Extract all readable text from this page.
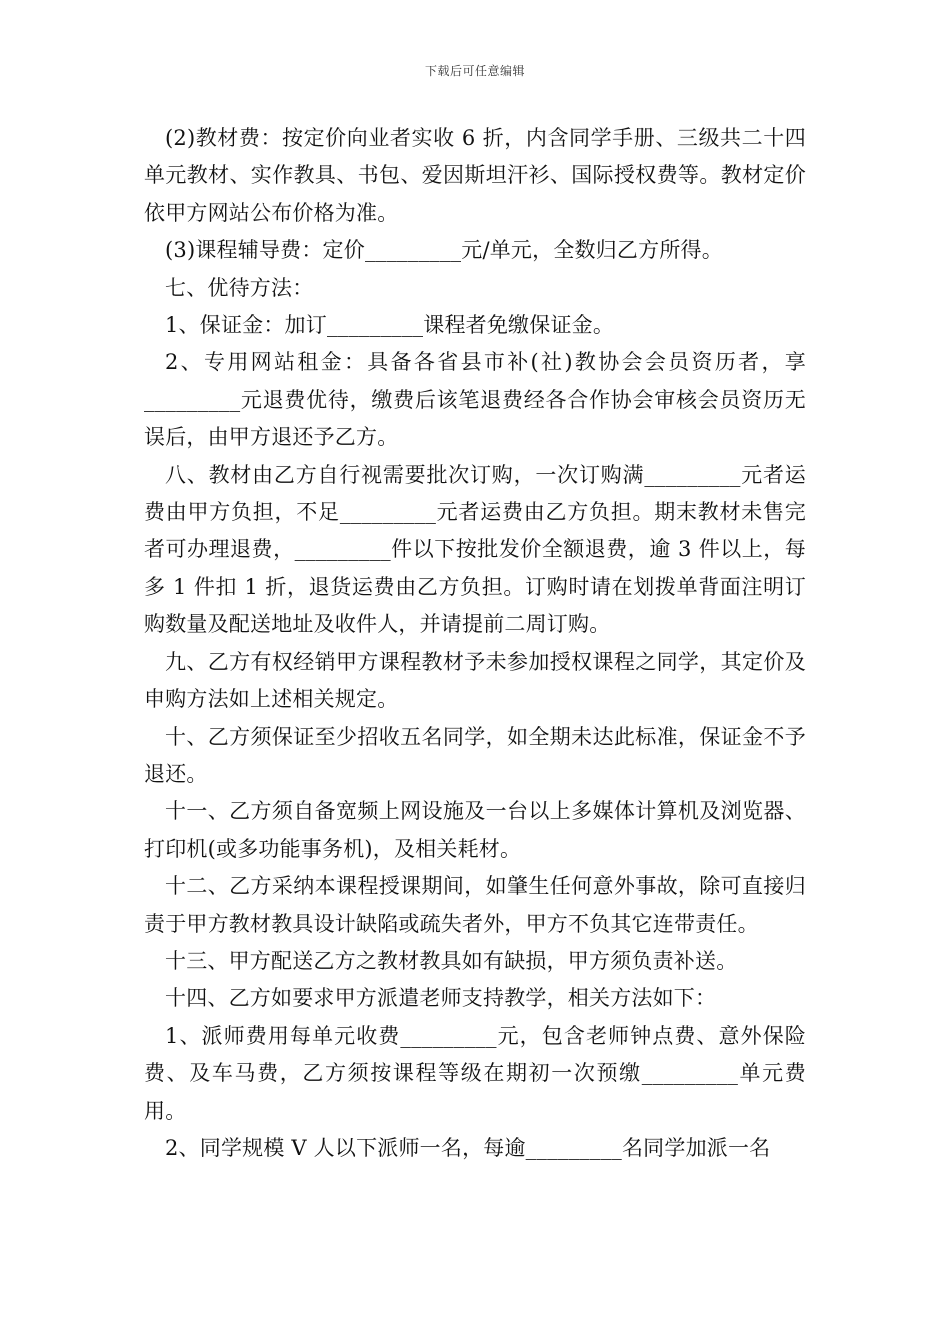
下载后可任意编辑

(2)教材费：按定价向业者实收 6 折，内含同学手册、三级共二十四单元教材、实作教具、书包、爱因斯坦汗衫、国际授权费等。教材定价依甲方网站公布价格为准。

(3)课程辅导费：定价_________元/单元，全数归乙方所得。

七、优待方法：

1、保证金：加订_________课程者免缴保证金。

2、专用网站租金：具备各省县市补(社)教协会会员资历者，享_________元退费优待，缴费后该笔退费经各合作协会审核会员资历无误后，由甲方退还予乙方。

八、教材由乙方自行视需要批次订购，一次订购满_________元者运费由甲方负担，不足_________元者运费由乙方负担。期末教材未售完者可办理退费，_________件以下按批发价全额退费，逾 3 件以上，每多 1 件扣 1 折，退货运费由乙方负担。订购时请在划拨单背面注明订购数量及配送地址及收件人，并请提前二周订购。

九、乙方有权经销甲方课程教材予未参加授权课程之同学，其定价及申购方法如上述相关规定。

十、乙方须保证至少招收五名同学，如全期未达此标准，保证金不予退还。

十一、乙方须自备宽频上网设施及一台以上多媒体计算机及浏览器、打印机(或多功能事务机)，及相关耗材。

十二、乙方采纳本课程授课期间，如肇生任何意外事故，除可直接归责于甲方教材教具设计缺陷或疏失者外，甲方不负其它连带责任。

十三、甲方配送乙方之教材教具如有缺损，甲方须负责补送。

十四、乙方如要求甲方派遣老师支持教学，相关方法如下：

1、派师费用每单元收费_________元，包含老师钟点费、意外保险费、及车马费，乙方须按课程等级在期初一次预缴_________单元费用。

2、同学规模 V 人以下派师一名，每逾_________名同学加派一名
